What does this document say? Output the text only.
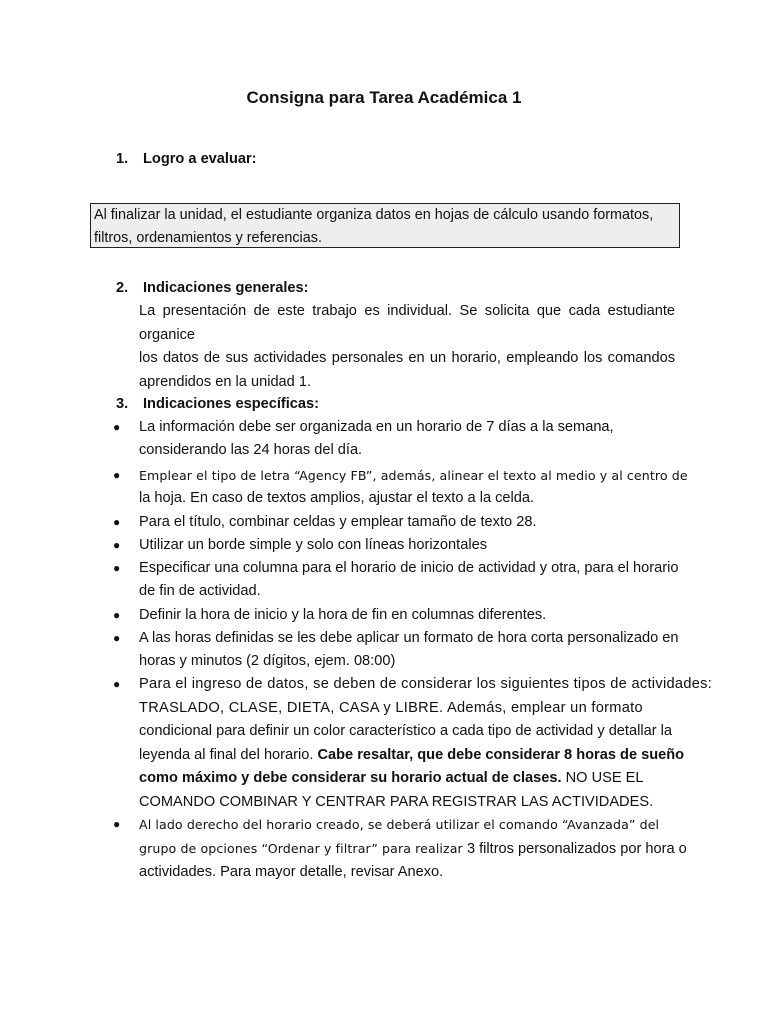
Consigna para Tarea Académica 1
1. Logro a evaluar:
Al finalizar la unidad, el estudiante organiza datos en hojas de cálculo usando formatos,
filtros, ordenamientos y referencias.
2. Indicaciones generales:
La presentación de este trabajo es individual. Se solicita que cada estudiante organice
los datos de sus actividades personales en un horario, empleando los comandos
aprendidos en la unidad 1.
3. Indicaciones específicas:
● La información debe ser organizada en un horario de 7 días a la semana,
considerando las 24 horas del día.
● Emplear el tipo de letra “Agency FB”, además, alinear el texto al medio y al centro de
la hoja. En caso de textos amplios, ajustar el texto a la celda.
● Para el título, combinar celdas y emplear tamaño de texto 28.
● Utilizar un borde simple y solo con líneas horizontales
● Especificar una columna para el horario de inicio de actividad y otra, para el horario
de fin de actividad.
● Definir la hora de inicio y la hora de fin en columnas diferentes.
● A las horas definidas se les debe aplicar un formato de hora corta personalizado en
horas y minutos (2 dígitos, ejem. 08:00)
● Para el ingreso de datos, se deben de considerar los siguientes tipos de actividades:
TRASLADO, CLASE, DIETA, CASA y LIBRE. Además, emplear un formato
condicional para definir un color característico a cada tipo de actividad y detallar la
leyenda al final del horario. Cabe resaltar, que debe considerar 8 horas de sueño
como máximo y debe considerar su horario actual de clases. NO USE EL
COMANDO COMBINAR Y CENTRAR PARA REGISTRAR LAS ACTIVIDADES.
● Al lado derecho del horario creado, se deberá utilizar el comando “Avanzada” del
grupo de opciones “Ordenar y filtrar” para realizar 3 filtros personalizados por hora o
actividades. Para mayor detalle, revisar Anexo.
